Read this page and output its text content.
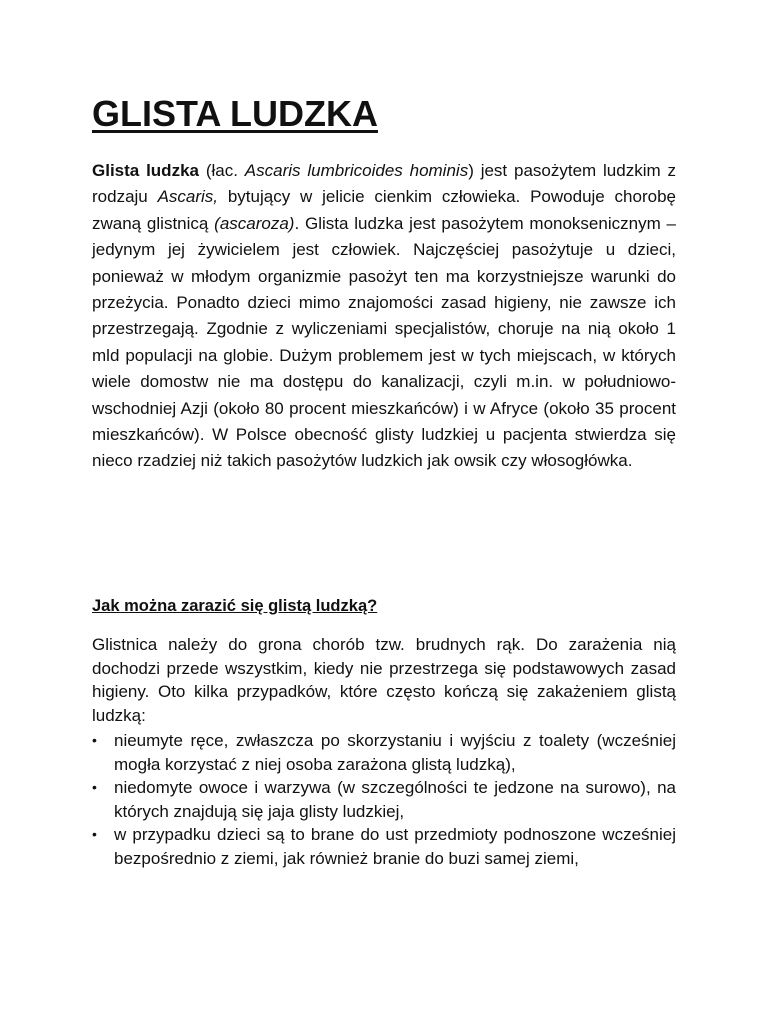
GLISTA LUDZKA

Glista ludzka (łac. Ascaris lumbricoides hominis) jest pasożytem ludzkim z rodzaju Ascaris, bytujący w jelicie cienkim człowieka. Powoduje chorobę zwaną glistnicą (ascaroza). Glista ludzka jest pasożytem monoksenicznym – jedynym jej żywicielem jest człowiek. Najczęściej pasożytuje u dzieci, ponieważ w młodym organizmie pasożyt ten ma korzystniejsze warunki do przeżycia. Ponadto dzieci mimo znajomości zasad higieny, nie zawsze ich przestrzegają. Zgodnie z wyliczeniami specjalistów, choruje na nią około 1 mld populacji na globie. Dużym problemem jest w tych miejscach, w których wiele domostw nie ma dostępu do kanalizacji, czyli m.in. w południowo-wschodniej Azji (około 80 procent mieszkańców) i w Afryce (około 35 procent mieszkańców). W Polsce obecność glisty ludzkiej u pacjenta stwierdza się nieco rzadziej niż takich pasożytów ludzkich jak owsik czy włosogłówka.

Jak można zarazić się glistą ludzką?

Glistnica należy do grona chorób tzw. brudnych rąk. Do zarażenia nią dochodzi przede wszystkim, kiedy nie przestrzega się podstawowych zasad higieny. Oto kilka przypadków, które często kończą się zakażeniem glistą ludzką:

• nieumyte ręce, zwłaszcza po skorzystaniu i wyjściu z toalety (wcześniej mogła korzystać z niej osoba zarażona glistą ludzką),
• niedomyte owoce i warzywa (w szczególności te jedzone na surowo), na których znajdują się jaja glisty ludzkiej,
• w przypadku dzieci są to brane do ust przedmioty podnoszone wcześniej bezpośrednio z ziemi, jak również branie do buzi samej ziemi,
